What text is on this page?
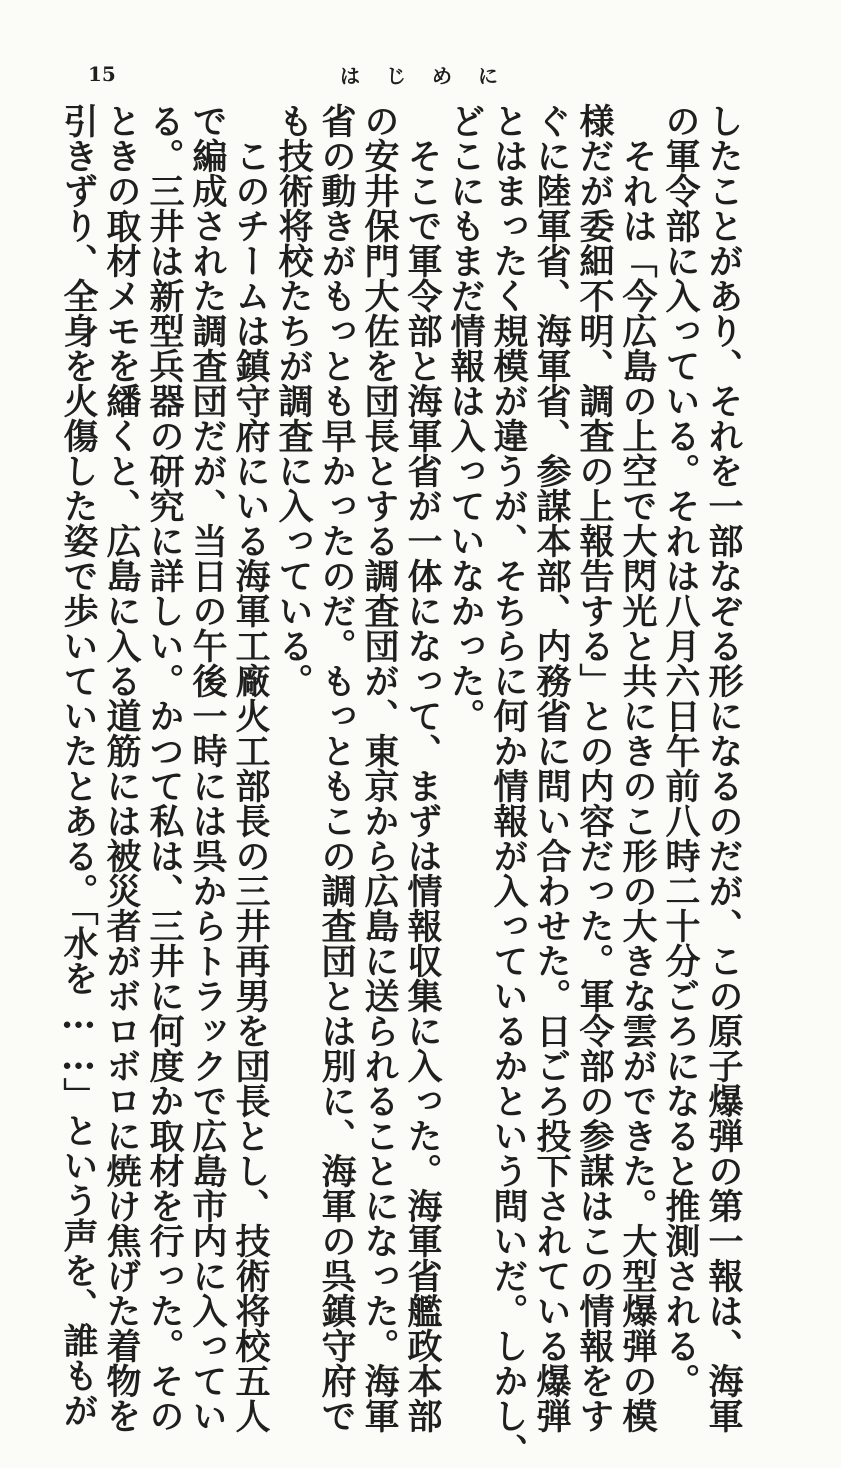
15	はじめに
したことがあり、それを一部なぞる形になるのだが、この原子爆弾の第一報は、海軍
の軍令部に入っている。それは八月六日午前八時二十分ごろになると推測される。
それは「今広島の上空で大閃光と共にきのこ形の大きな雲ができた。大型爆弾の模
様だが委細不明、調査の上報告する」との内容だった。軍令部の参謀はこの情報をす
ぐに陸軍省、海軍省、参謀本部、内務省に問い合わせた。日ごろ投下されている爆弾
とはまったく規模が違うが、そちらに何か情報が入っているかという問いだ。しかし、
どこにもまだ情報は入っていなかった。
そこで軍令部と海軍省が一体になって、まずは情報収集に入った。海軍省艦政本部
の安井保門大佐を団長とする調査団が、東京から広島に送られることになった。海軍
省の動きがもっとも早かったのだ。もっともこの調査団とは別に、海軍の呉鎮守府で
も技術将校たちが調査に入っている。
このチームは鎮守府にいる海軍工廠火工部長の三井再男を団長とし、技術将校五人
で編成された調査団だが、当日の午後一時には呉からトラックで広島市内に入ってい
る。三井は新型兵器の研究に詳しい。かつて私は、三井に何度か取材を行った。その
ときの取材メモを繙くと、広島に入る道筋には被災者がボロボロに焼け焦げた着物を
引きずり、全身を火傷した姿で歩いていたとある。「水を……」という声を、誰もが
